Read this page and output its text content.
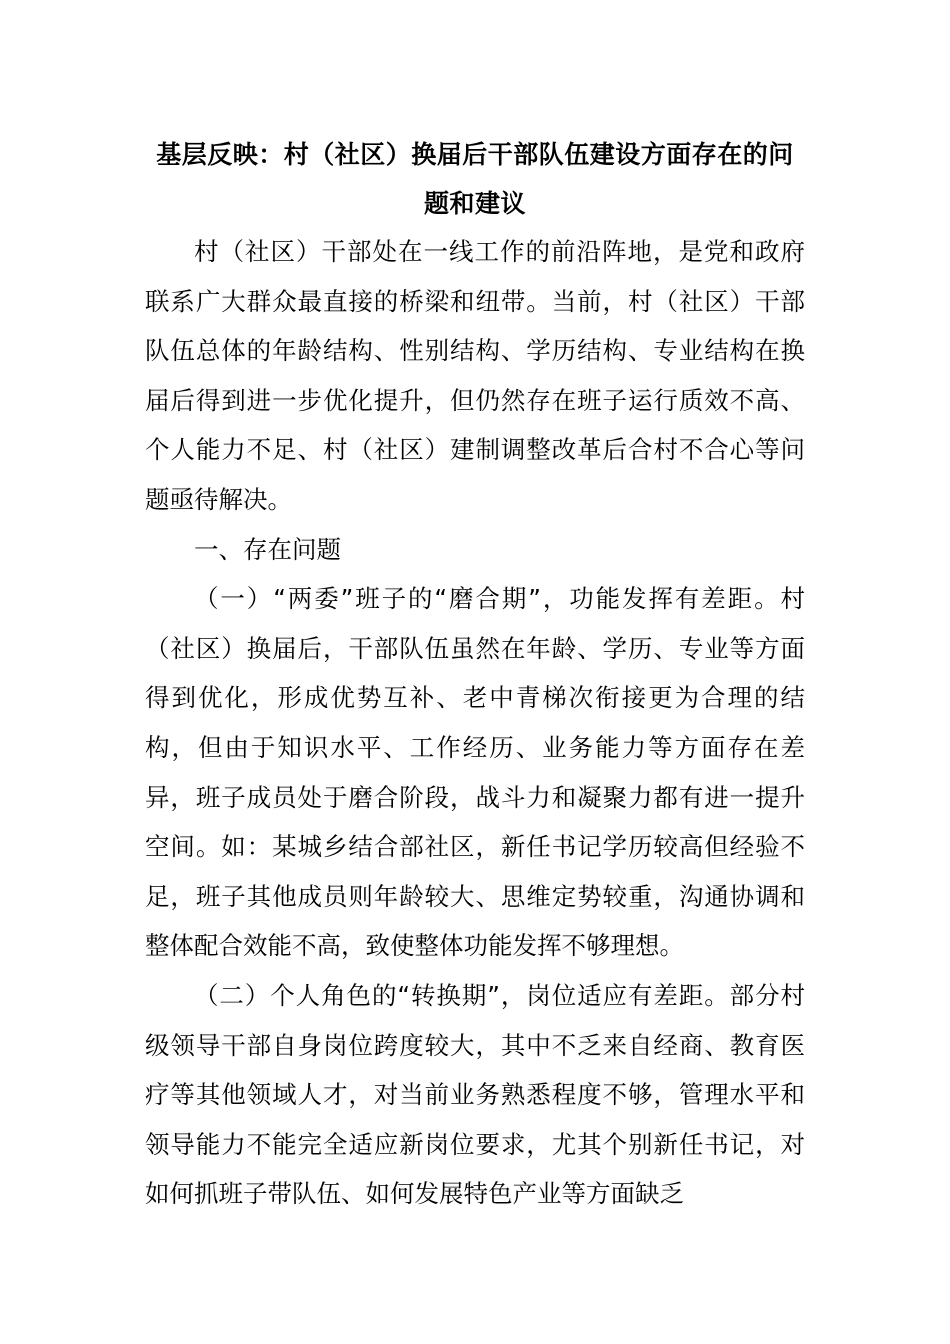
基层反映：村（社区）换届后干部队伍建设方面存在的问题和建议

村（社区）干部处在一线工作的前沿阵地，是党和政府联系广大群众最直接的桥梁和纽带。当前，村（社区）干部队伍总体的年龄结构、性别结构、学历结构、专业结构在换届后得到进一步优化提升，但仍然存在班子运行质效不高、个人能力不足、村（社区）建制调整改革后合村不合心等问题亟待解决。

一、存在问题

（一）“两委”班子的“磨合期”，功能发挥有差距。村（社区）换届后，干部队伍虽然在年龄、学历、专业等方面得到优化，形成优势互补、老中青梯次衔接更为合理的结构，但由于知识水平、工作经历、业务能力等方面存在差异，班子成员处于磨合阶段，战斗力和凝聚力都有进一提升空间。如：某城乡结合部社区，新任书记学历较高但经验不足，班子其他成员则年龄较大、思维定势较重，沟通协调和整体配合效能不高，致使整体功能发挥不够理想。

（二）个人角色的“转换期”，岗位适应有差距。部分村级领导干部自身岗位跨度较大，其中不乏来自经商、教育医疗等其他领域人才，对当前业务熟悉程度不够，管理水平和领导能力不能完全适应新岗位要求，尤其个别新任书记，对如何抓班子带队伍、如何发展特色产业等方面缺乏
